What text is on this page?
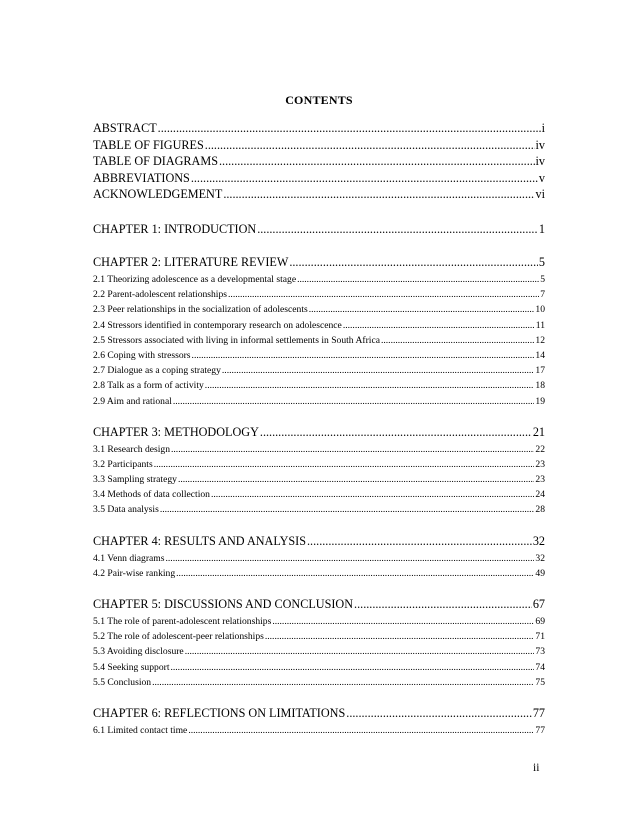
CONTENTS
ABSTRACT .....	i
TABLE OF FIGURES .....	iv
TABLE OF DIAGRAMS .....	iv
ABBREVIATIONS .....	v
ACKNOWLEDGEMENT .....	vi
CHAPTER 1: INTRODUCTION .....	1
CHAPTER 2: LITERATURE REVIEW .....	5
2.1 Theorizing adolescence as a developmental stage .....	5
2.2 Parent-adolescent relationships .....	7
2.3 Peer relationships in the socialization of adolescents .....	10
2.4 Stressors identified in contemporary research on adolescence .....	11
2.5 Stressors associated with living in informal settlements in South Africa .....	12
2.6 Coping with stressors .....	14
2.7 Dialogue as a coping strategy .....	17
2.8 Talk as a form of activity .....	18
2.9 Aim and rational .....	19
CHAPTER 3: METHODOLOGY .....	21
3.1 Research design .....	22
3.2 Participants .....	23
3.3 Sampling strategy .....	23
3.4 Methods of data collection .....	24
3.5 Data analysis .....	28
CHAPTER 4: RESULTS AND ANALYSIS .....	32
4.1 Venn diagrams .....	32
4.2 Pair-wise ranking .....	49
CHAPTER 5: DISCUSSIONS AND CONCLUSION .....	67
5.1 The role of parent-adolescent relationships .....	69
5.2 The role of adolescent-peer relationships .....	71
5.3 Avoiding disclosure .....	73
5.4 Seeking support .....	74
5.5 Conclusion .....	75
CHAPTER 6: REFLECTIONS ON LIMITATIONS .....	77
6.1 Limited contact time .....	77
ii
